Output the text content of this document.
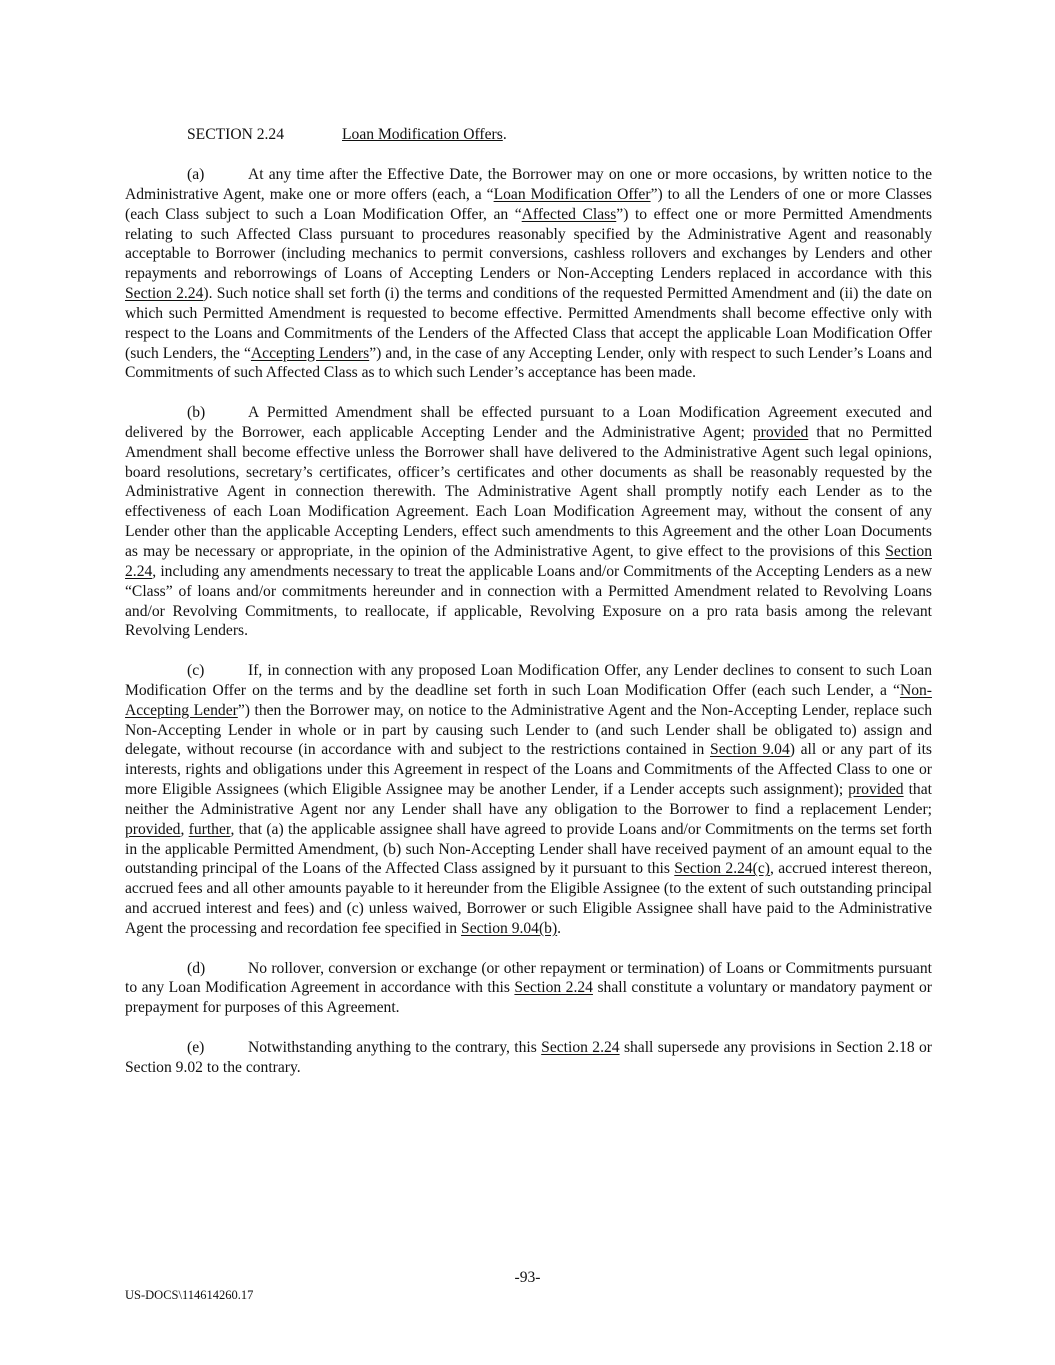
SECTION 2.24	Loan Modification Offers.

(a)	At any time after the Effective Date, the Borrower may on one or more occasions, by written notice to the Administrative Agent, make one or more offers (each, a “Loan Modification Offer”) to all the Lenders of one or more Classes (each Class subject to such a Loan Modification Offer, an “Affected Class”) to effect one or more Permitted Amendments relating to such Affected Class pursuant to procedures reasonably specified by the Administrative Agent and reasonably acceptable to Borrower (including mechanics to permit conversions, cashless rollovers and exchanges by Lenders and other repayments and reborrowings of Loans of Accepting Lenders or Non-Accepting Lenders replaced in accordance with this Section 2.24). Such notice shall set forth (i) the terms and conditions of the requested Permitted Amendment and (ii) the date on which such Permitted Amendment is requested to become effective. Permitted Amendments shall become effective only with respect to the Loans and Commitments of the Lenders of the Affected Class that accept the applicable Loan Modification Offer (such Lenders, the “Accepting Lenders”) and, in the case of any Accepting Lender, only with respect to such Lender’s Loans and Commitments of such Affected Class as to which such Lender’s acceptance has been made.

(b)	A Permitted Amendment shall be effected pursuant to a Loan Modification Agreement executed and delivered by the Borrower, each applicable Accepting Lender and the Administrative Agent; provided that no Permitted Amendment shall become effective unless the Borrower shall have delivered to the Administrative Agent such legal opinions, board resolutions, secretary’s certificates, officer’s certificates and other documents as shall be reasonably requested by the Administrative Agent in connection therewith. The Administrative Agent shall promptly notify each Lender as to the effectiveness of each Loan Modification Agreement. Each Loan Modification Agreement may, without the consent of any Lender other than the applicable Accepting Lenders, effect such amendments to this Agreement and the other Loan Documents as may be necessary or appropriate, in the opinion of the Administrative Agent, to give effect to the provisions of this Section 2.24, including any amendments necessary to treat the applicable Loans and/or Commitments of the Accepting Lenders as a new “Class” of loans and/or commitments hereunder and in connection with a Permitted Amendment related to Revolving Loans and/or Revolving Commitments, to reallocate, if applicable, Revolving Exposure on a pro rata basis among the relevant Revolving Lenders.

(c)	If, in connection with any proposed Loan Modification Offer, any Lender declines to consent to such Loan Modification Offer on the terms and by the deadline set forth in such Loan Modification Offer (each such Lender, a “Non-Accepting Lender”) then the Borrower may, on notice to the Administrative Agent and the Non-Accepting Lender, replace such Non-Accepting Lender in whole or in part by causing such Lender to (and such Lender shall be obligated to) assign and delegate, without recourse (in accordance with and subject to the restrictions contained in Section 9.04) all or any part of its interests, rights and obligations under this Agreement in respect of the Loans and Commitments of the Affected Class to one or more Eligible Assignees (which Eligible Assignee may be another Lender, if a Lender accepts such assignment); provided that neither the Administrative Agent nor any Lender shall have any obligation to the Borrower to find a replacement Lender; provided, further, that (a) the applicable assignee shall have agreed to provide Loans and/or Commitments on the terms set forth in the applicable Permitted Amendment, (b) such Non-Accepting Lender shall have received payment of an amount equal to the outstanding principal of the Loans of the Affected Class assigned by it pursuant to this Section 2.24(c), accrued interest thereon, accrued fees and all other amounts payable to it hereunder from the Eligible Assignee (to the extent of such outstanding principal and accrued interest and fees) and (c) unless waived, Borrower or such Eligible Assignee shall have paid to the Administrative Agent the processing and recordation fee specified in Section 9.04(b).

(d)	No rollover, conversion or exchange (or other repayment or termination) of Loans or Commitments pursuant to any Loan Modification Agreement in accordance with this Section 2.24 shall constitute a voluntary or mandatory payment or prepayment for purposes of this Agreement.

(e)	Notwithstanding anything to the contrary, this Section 2.24 shall supersede any provisions in Section 2.18 or Section 9.02 to the contrary.

-93-
US-DOCS\114614260.17
